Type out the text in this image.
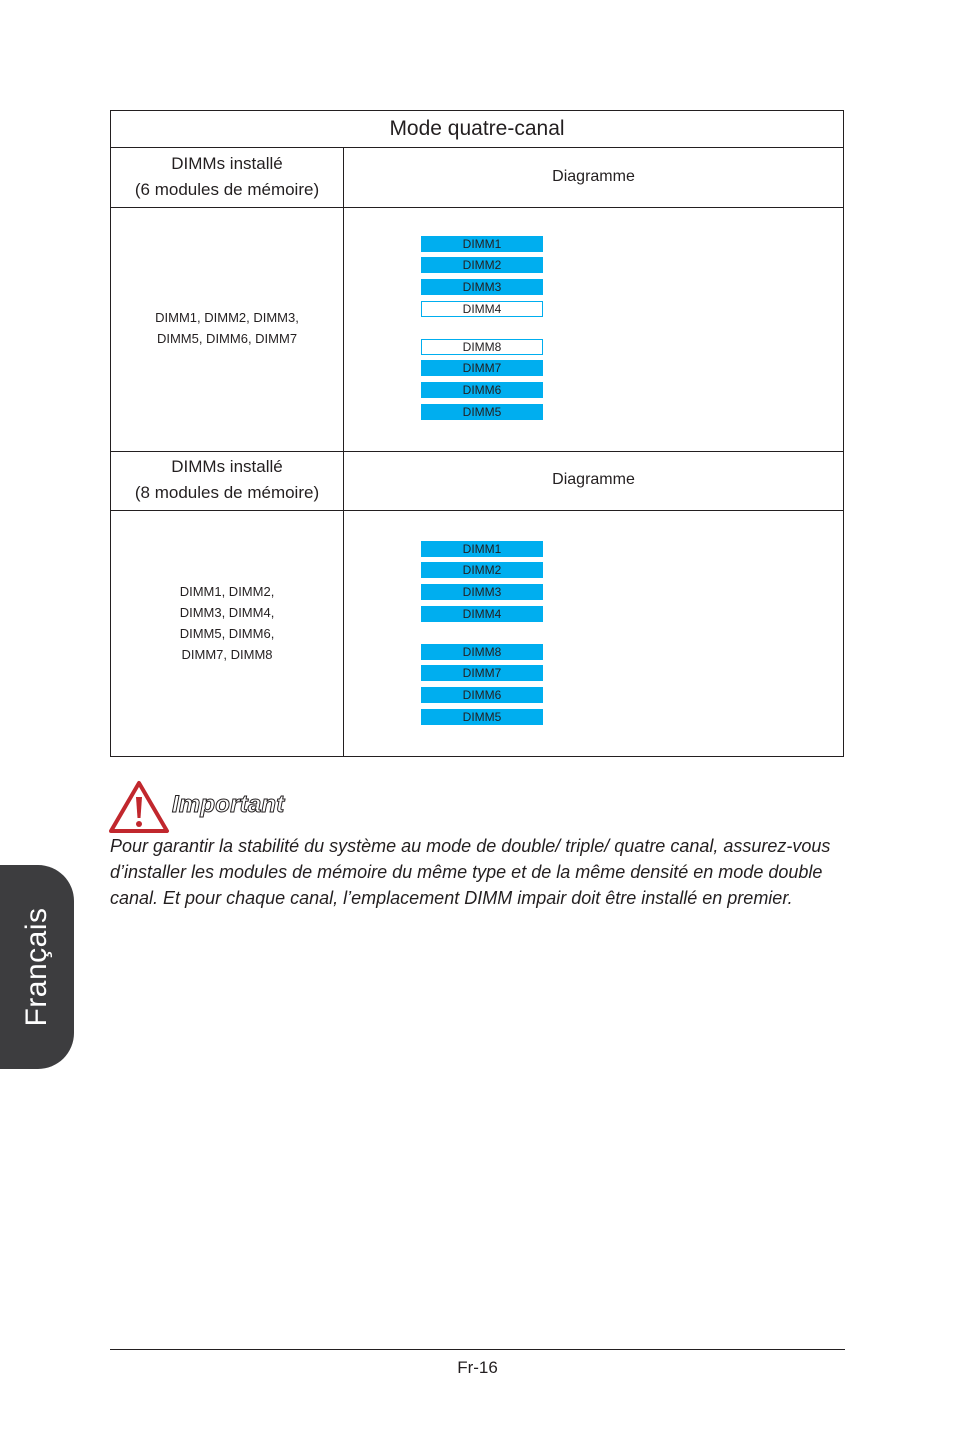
Mode quatre-canal
DIMMs installé
(6 modules de mémoire)
Diagramme
DIMM1, DIMM2, DIMM3,
DIMM5, DIMM6, DIMM7
DIMMs installé
(8 modules de mémoire)
Diagramme
DIMM1, DIMM2,
DIMM3, DIMM4,
DIMM5, DIMM6,
DIMM7, DIMM8
DIMM1
DIMM2
DIMM3
DIMM4
DIMM8
DIMM7
DIMM6
DIMM5
DIMM1
DIMM2
DIMM3
DIMM4
DIMM8
DIMM7
DIMM6
DIMM5
Important
Pour garantir la stabilité du système au mode de double/ triple/ quatre canal, assurez-vous d’installer les modules de mémoire du même type et de la même densité en mode double canal. Et pour chaque canal, l’emplacement DIMM impair doit être installé en premier.
Français
Fr-16
